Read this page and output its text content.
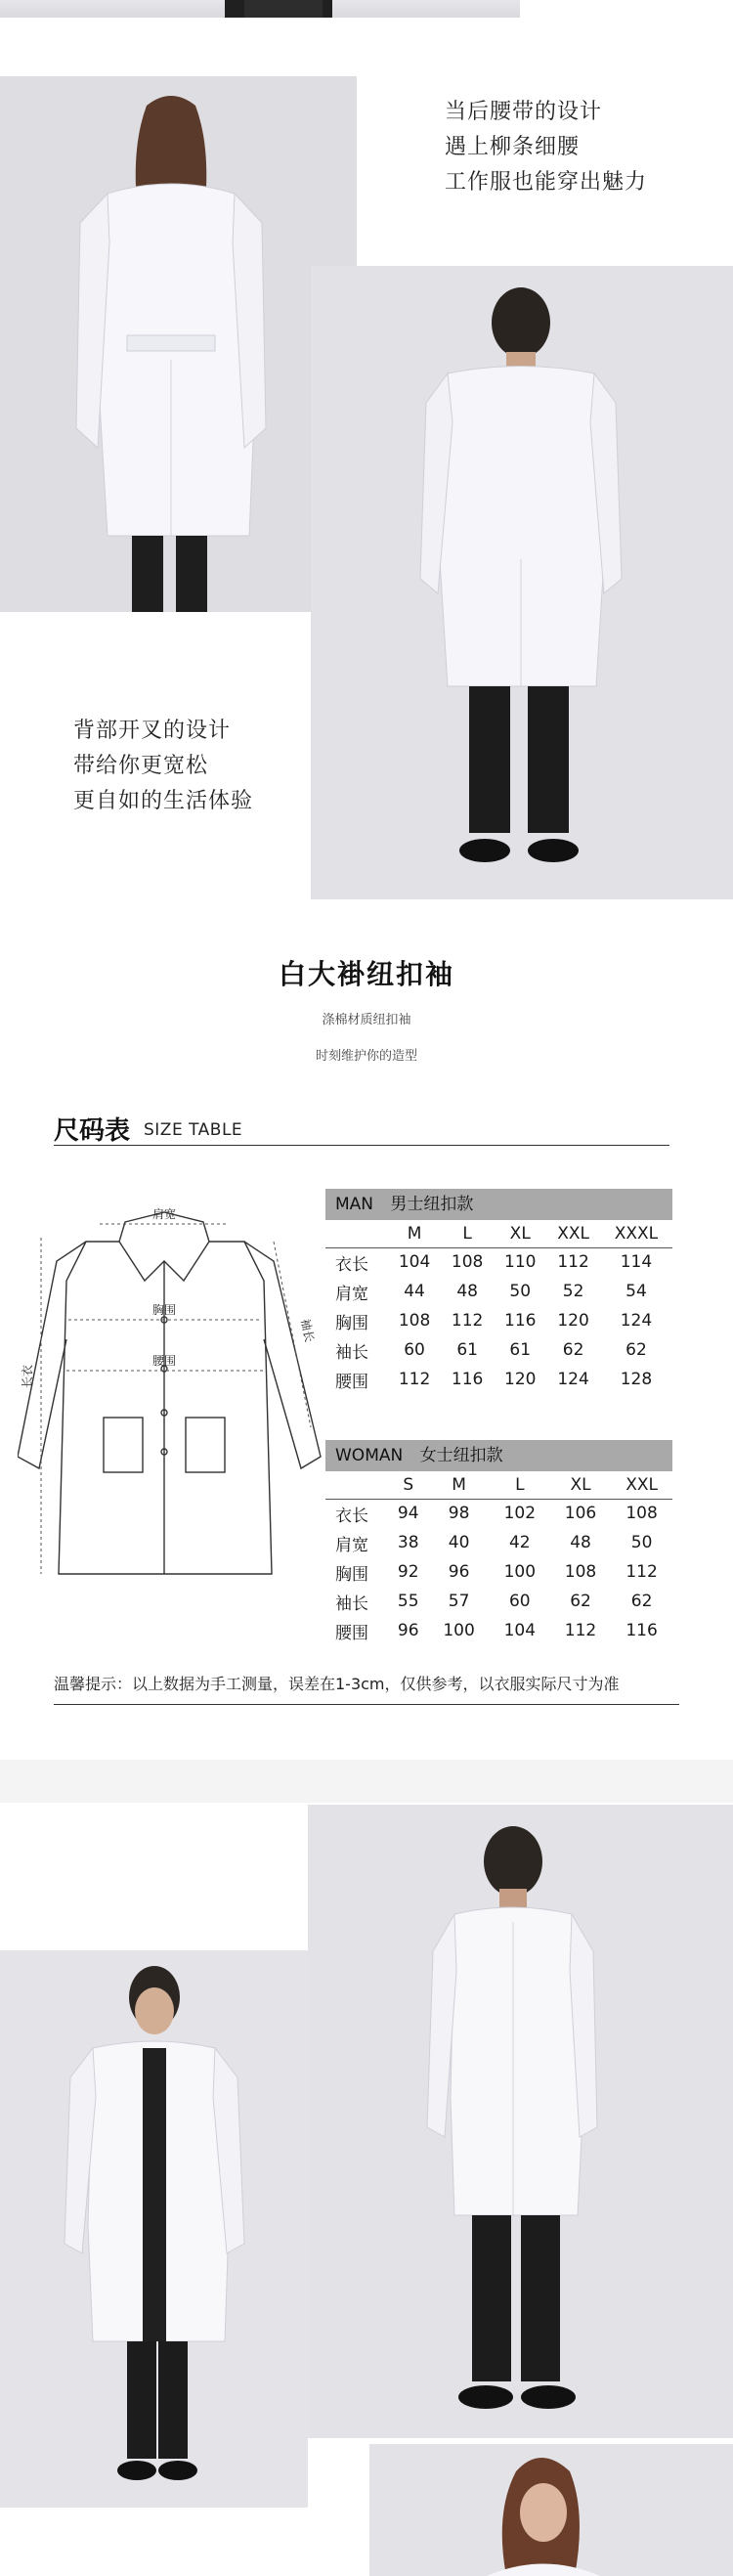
当后腰带的设计
遇上柳条细腰
工作服也能穿出魅力
背部开叉的设计
带给你更宽松
更自如的生活体验
白大褂纽扣袖
涤棉材质纽扣袖
时刻维护你的造型
尺码表 SIZE TABLE
肩宽
胸围
腰围
长衣
袖长
MAN 男士纽扣款
	M	L	XL	XXL	XXXL
衣长	104	108	110	112	114
肩宽	44	48	50	52	54
胸围	108	112	116	120	124
袖长	60	61	61	62	62
腰围	112	116	120	124	128
WOMAN 女士纽扣款
	S	M	L	XL	XXL
衣长	94	98	102	106	108
肩宽	38	40	42	48	50
胸围	92	96	100	108	112
袖长	55	57	60	62	62
腰围	96	100	104	112	116
温馨提示：以上数据为手工测量，误差在1-3cm，仅供参考，以衣服实际尺寸为准
